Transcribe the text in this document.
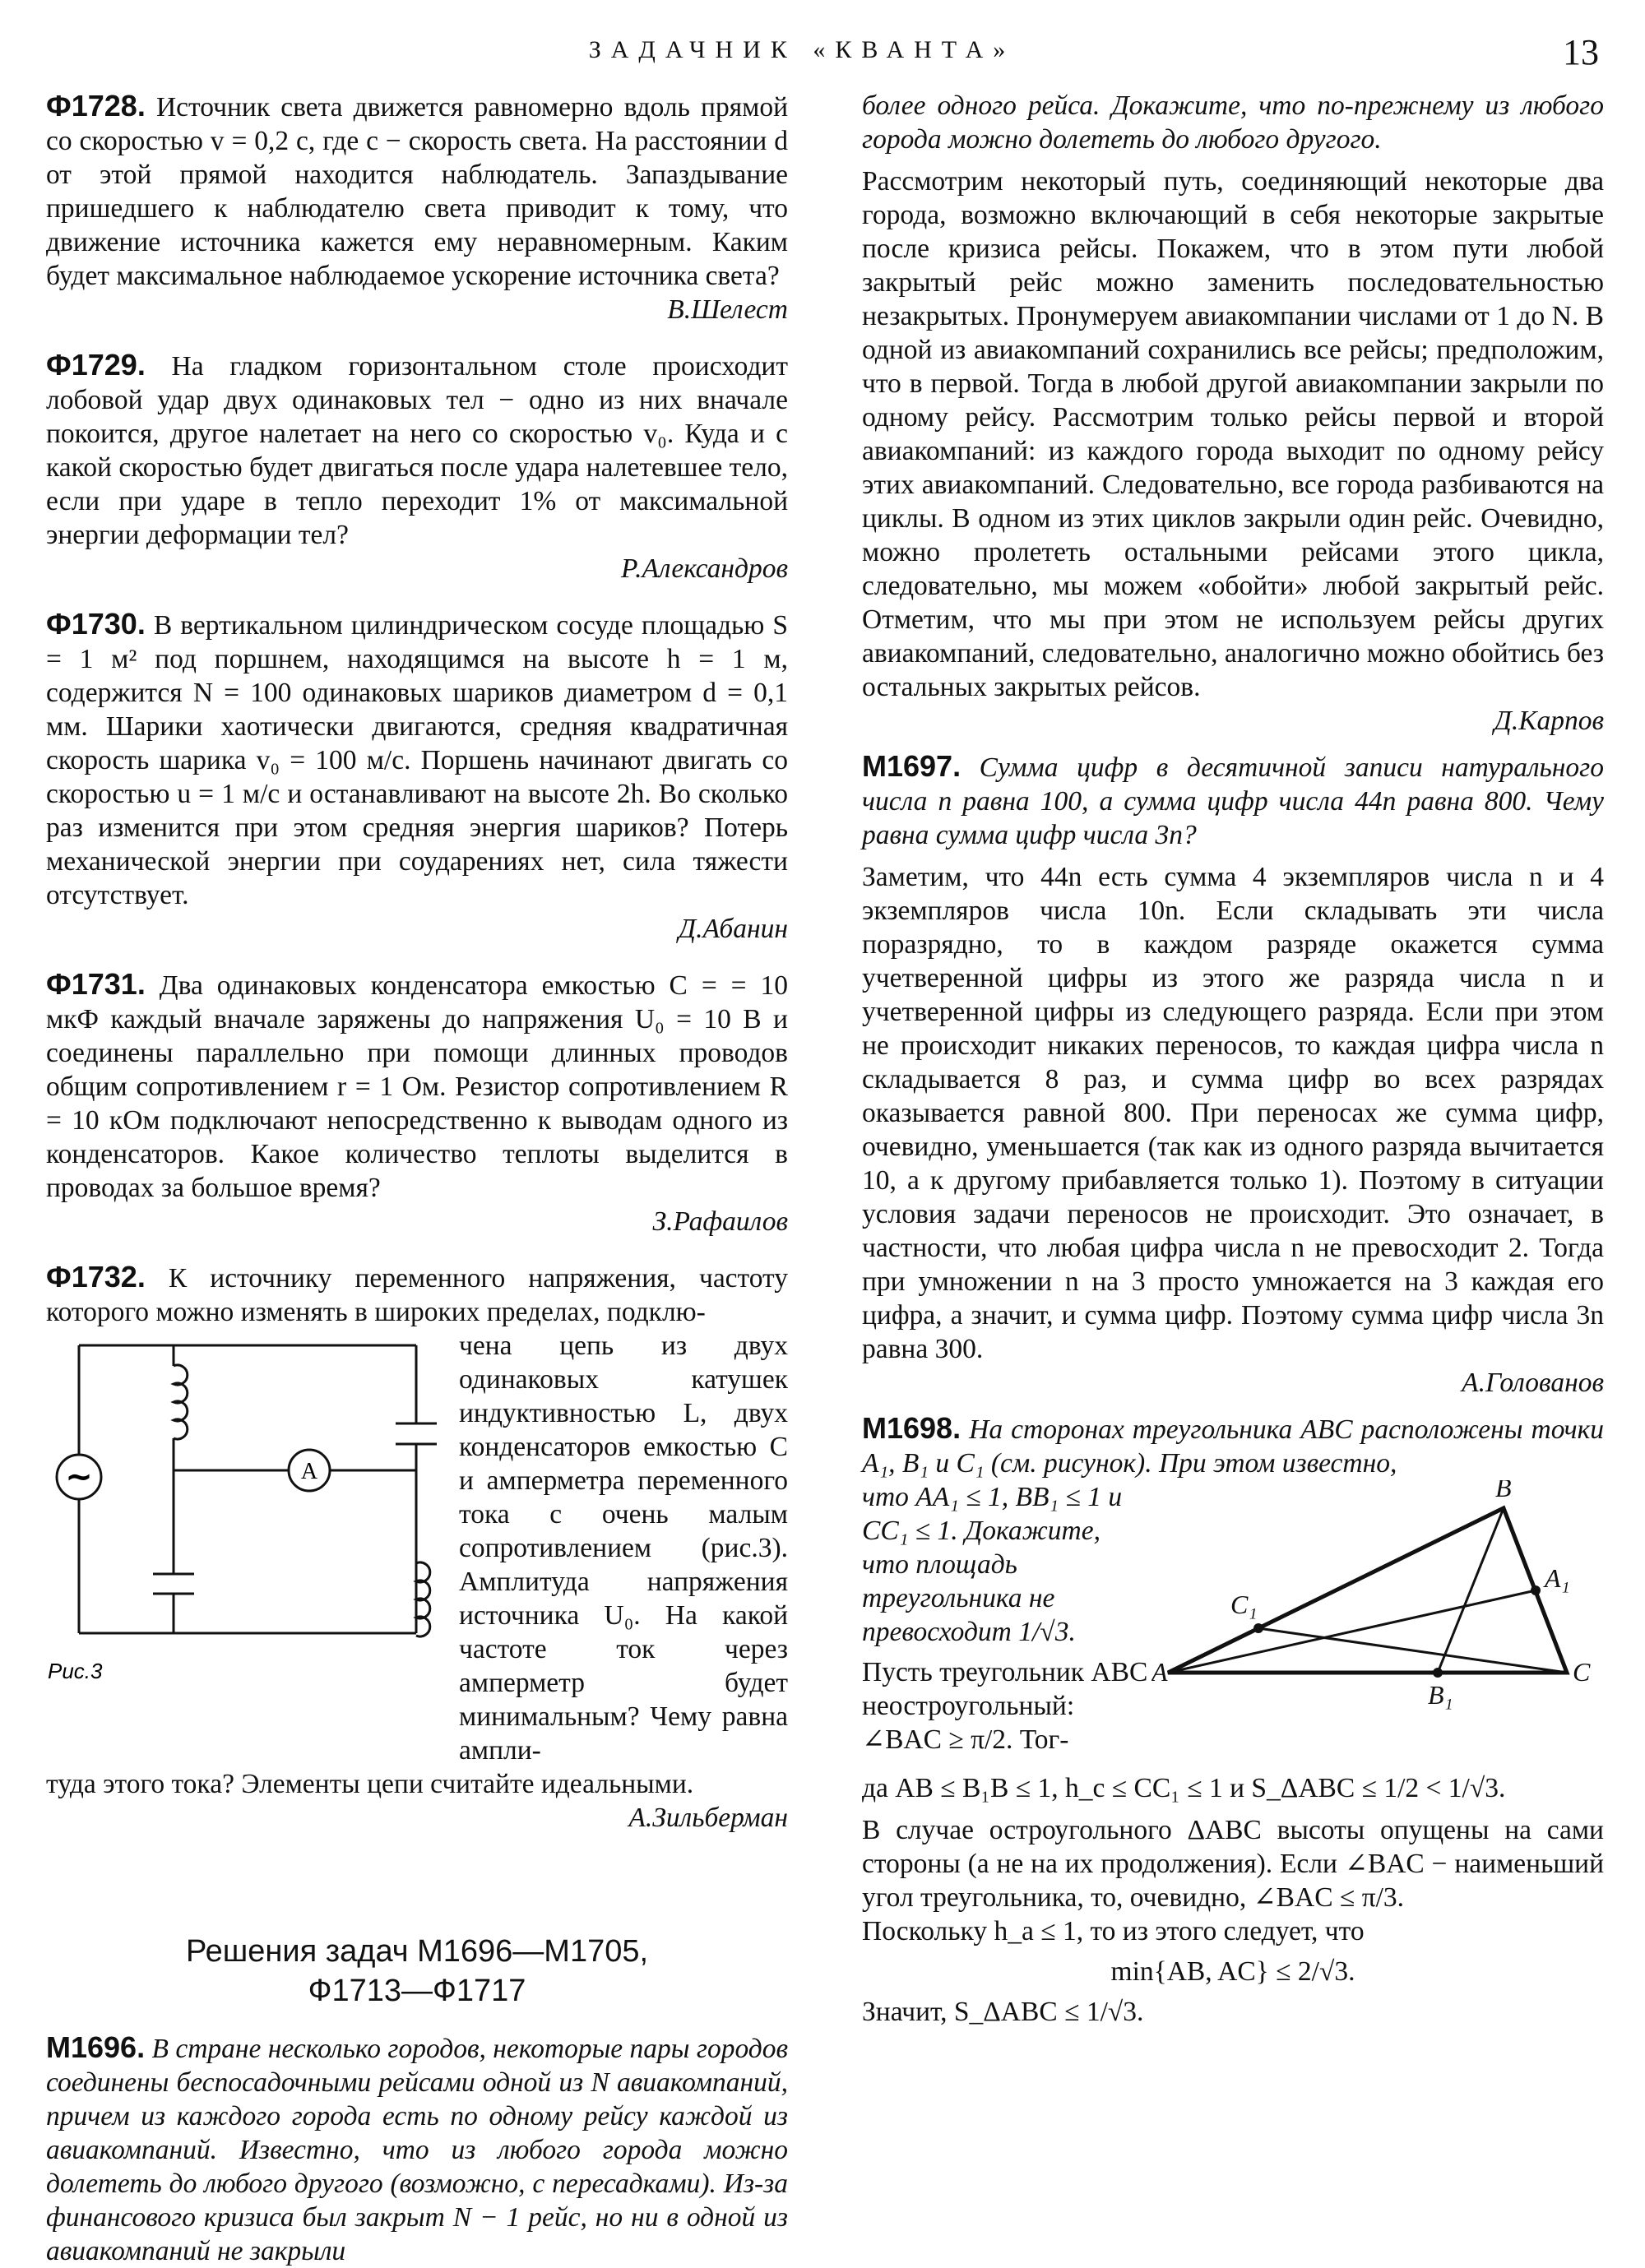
ЗАДАЧНИК «КВАНТА»	13

Ф1728. Источник света движется равномерно вдоль прямой со скоростью v = 0,2 c, где c − скорость света. На расстоянии d от этой прямой находится наблюдатель. Запаздывание пришедшего к наблюдателю света приводит к тому, что движение источника кажется ему неравномерным. Каким будет максимальное наблюдаемое ускорение источника света?

В.Шелест

Ф1729. На гладком горизонтальном столе происходит лобовой удар двух одинаковых тел − одно из них вначале покоится, другое налетает на него со скоростью v₀. Куда и с какой скоростью будет двигаться после удара налетевшее тело, если при ударе в тепло переходит 1% от максимальной энергии деформации тел?

Р.Александров

Ф1730. В вертикальном цилиндрическом сосуде площадью S = 1 м² под поршнем, находящимся на высоте h = 1 м, содержится N = 100 одинаковых шариков диаметром d = 0,1 мм. Шарики хаотически двигаются, средняя квадратичная скорость шарика v₀ = 100 м/с. Поршень начинают двигать со скоростью u = 1 м/с и останавливают на высоте 2h. Во сколько раз изменится при этом средняя энергия шариков? Потерь механической энергии при соударениях нет, сила тяжести отсутствует.

Д.Абанин

Ф1731. Два одинаковых конденсатора емкостью C = = 10 мкФ каждый вначале заряжены до напряжения U₀ = 10 В и соединены параллельно при помощи длинных проводов общим сопротивлением r = 1 Ом. Резистор сопротивлением R = 10 кОм подключают непосредственно к выводам одного из конденсаторов. Какое количество теплоты выделится в проводах за большое время?

З.Рафаилов

Ф1732. К источнику переменного напряжения, частоту которого можно изменять в широких пределах, подклю-

A
~
Рис.3

чена цепь из двух одинаковых катушек индуктивностью L, двух конденсаторов емкостью C и амперметра переменного тока с очень малым сопротивлением (рис.3). Амплитуда напряжения источника U₀. На какой частоте ток через амперметр будет минимальным? Чему равна ампли-

туда этого тока? Элементы цепи считайте идеальными.

А.Зильберман

Решения задач М1696—М1705,
Ф1713—Ф1717

М1696. В стране несколько городов, некоторые пары городов соединены беспосадочными рейсами одной из N авиакомпаний, причем из каждого города есть по одному рейсу каждой из авиакомпаний. Известно, что из любого города можно долететь до любого другого (возможно, с пересадками). Из-за финансового кризиса был закрыт N − 1 рейс, но ни в одной из авиакомпаний не закрыли

более одного рейса. Докажите, что по-прежнему из любого города можно долететь до любого другого.

Рассмотрим некоторый путь, соединяющий некоторые два города, возможно включающий в себя некоторые закрытые после кризиса рейсы. Покажем, что в этом пути любой закрытый рейс можно заменить последовательностью незакрытых. Пронумеруем авиакомпании числами от 1 до N. В одной из авиакомпаний сохранились все рейсы; предположим, что в первой. Тогда в любой другой авиакомпании закрыли по одному рейсу. Рассмотрим только рейсы первой и второй авиакомпаний: из каждого города выходит по одному рейсу этих авиакомпаний. Следовательно, все города разбиваются на циклы. В одном из этих циклов закрыли один рейс. Очевидно, можно пролететь остальными рейсами этого цикла, следовательно, мы можем «обойти» любой закрытый рейс. Отметим, что мы при этом не используем рейсы других авиакомпаний, следовательно, аналогично можно обойтись без остальных закрытых рейсов.

Д.Карпов

М1697. Сумма цифр в десятичной записи натурального числа n равна 100, а сумма цифр числа 44n равна 800. Чему равна сумма цифр числа 3n?

Заметим, что 44n есть сумма 4 экземпляров числа n и 4 экземпляров числа 10n. Если складывать эти числа поразрядно, то в каждом разряде окажется сумма учетверенной цифры из этого же разряда числа n и учетверенной цифры из следующего разряда. Если при этом не происходит никаких переносов, то каждая цифра числа n складывается 8 раз, и сумма цифр во всех разрядах оказывается равной 800. При переносах же сумма цифр, очевидно, уменьшается (так как из одного разряда вычитается 10, а к другому прибавляется только 1). Поэтому в ситуации условия задачи переносов не происходит. Это означает, в частности, что любая цифра числа n не превосходит 2. Тогда при умножении n на 3 просто умножается на 3 каждая его цифра, а значит, и сумма цифр. Поэтому сумма цифр числа 3n равна 300.

А.Голованов

М1698. На сторонах треугольника ABC расположены точки A₁, B₁ и C₁ (см. рисунок). При этом известно,

что AA₁ ≤ 1, BB₁ ≤ 1 и CC₁ ≤ 1. Докажите, что площадь треугольника не превосходит 1/√3.

Пусть треугольник ABC неостроугольный: ∠BAC ≥ π/2. Тог-

A
B
C
A₁
B₁
C₁

да AB ≤ B₁B ≤ 1, h_c ≤ CC₁ ≤ 1 и S_ΔABC ≤ 1/2 < 1/√3.

В случае остроугольного ΔABC высоты опущены на сами стороны (а не на их продолжения). Если ∠BAC − наименьший угол треугольника, то, очевидно, ∠BAC ≤ π/3.

Поскольку h_a ≤ 1, то из этого следует, что

min{AB, AC} ≤ 2/√3.

Значит, S_ΔABC ≤ 1/√3.
